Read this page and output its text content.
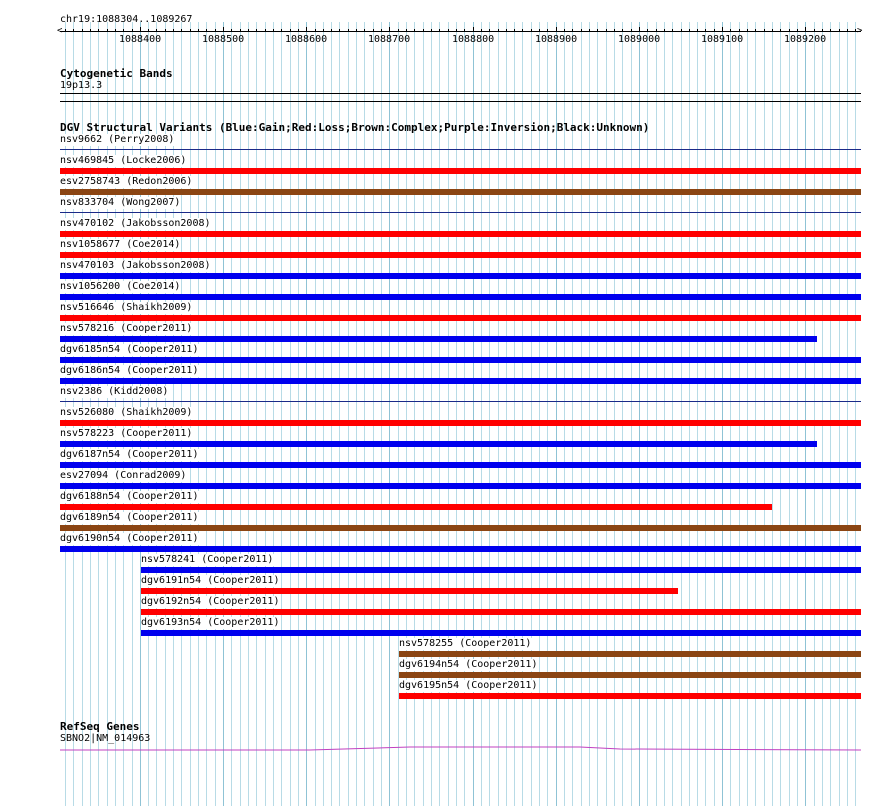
chr19:1088304..1089267
<	>
1088400	1088500	1088600	1088700	1088800	1088900	1089000	1089100	1089200
Cytogenetic Bands
19p13.3
DGV Structural Variants (Blue:Gain;Red:Loss;Brown:Complex;Purple:Inversion;Black:Unknown)
nsv9662 (Perry2008)
nsv469845 (Locke2006)
esv2758743 (Redon2006)
nsv833704 (Wong2007)
nsv470102 (Jakobsson2008)
nsv1058677 (Coe2014)
nsv470103 (Jakobsson2008)
nsv1056200 (Coe2014)
nsv516646 (Shaikh2009)
nsv578216 (Cooper2011)
dgv6185n54 (Cooper2011)
dgv6186n54 (Cooper2011)
nsv2386 (Kidd2008)
nsv526080 (Shaikh2009)
nsv578223 (Cooper2011)
dgv6187n54 (Cooper2011)
esv27094 (Conrad2009)
dgv6188n54 (Cooper2011)
dgv6189n54 (Cooper2011)
dgv6190n54 (Cooper2011)
nsv578241 (Cooper2011)
dgv6191n54 (Cooper2011)
dgv6192n54 (Cooper2011)
dgv6193n54 (Cooper2011)
nsv578255 (Cooper2011)
dgv6194n54 (Cooper2011)
dgv6195n54 (Cooper2011)
RefSeq Genes
SBNO2|NM_014963
